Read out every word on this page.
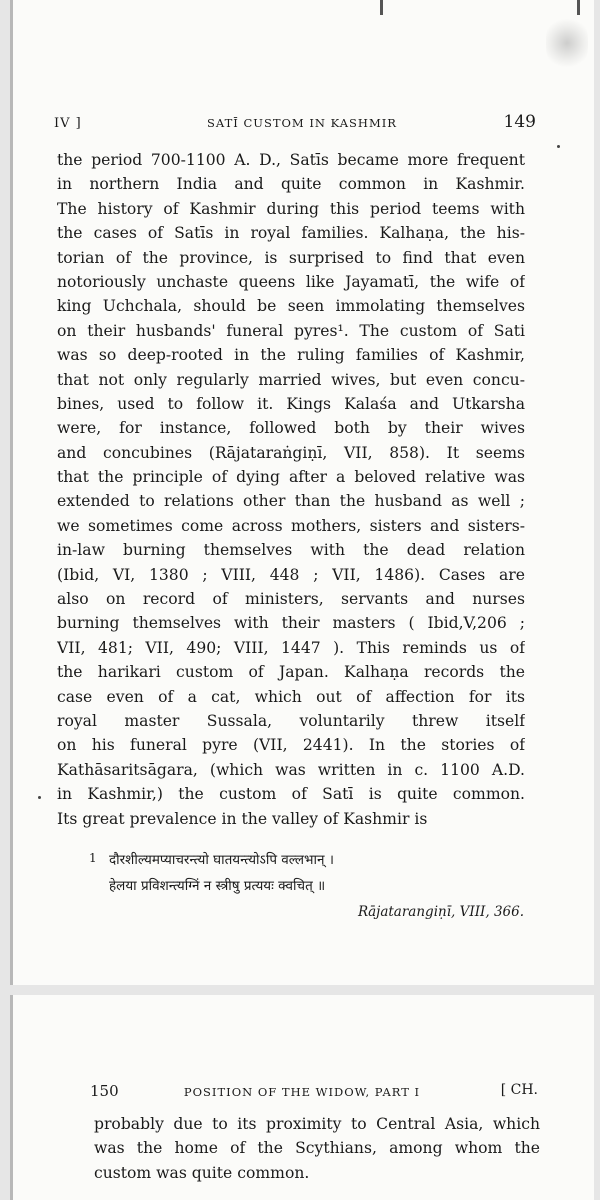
IV ]	SATĪ CUSTOM IN KASHMIR	149
the period 700-1100 A. D., Satīs became more frequent
in northern India and quite common in Kashmir.
The history of Kashmir during this period teems with
the cases of Satīs in royal families. Kalhaṇa, the his-
torian of the province, is surprised to find that even
notoriously unchaste queens like Jayamatī, the wife of
king Uchchala, should be seen immolating themselves
on their husbands' funeral pyres¹. The custom of Sati
was so deep-rooted in the ruling families of Kashmir,
that not only regularly married wives, but even concu-
bines, used to follow it. Kings Kalaśa and Utkarsha
were, for instance, followed both by their wives
and concubines (Rājataraṅgiṇī, VII, 858). It seems
that the principle of dying after a beloved relative was
extended to relations other than the husband as well ;
we sometimes come across mothers, sisters and sisters-
in-law burning themselves with the dead relation
(Ibid, VI, 1380 ; VIII, 448 ; VII, 1486). Cases are
also on record of ministers, servants and nurses
burning themselves with their masters ( Ibid,V,206 ;
VII, 481; VII, 490; VIII, 1447 ). This reminds us of
the harikari custom of Japan. Kalhaṇa records the
case even of a cat, which out of affection for its
royal master Sussala, voluntarily threw itself
on his funeral pyre (VII, 2441). In the stories of
Kathāsaritsāgara, (which was written in c. 1100 A.D.
in Kashmir,) the custom of Satī is quite common.
Its great prevalence in the valley of Kashmir is
1 दौरशील्यमप्याचरन्त्यो घातयन्त्योऽपि वल्लभान् ।
हेलया प्रविशन्त्यग्निं न स्त्रीषु प्रत्ययः क्वचित् ॥
Rājatarangiṇī, VIII, 366.
150	POSITION OF THE WIDOW, PART I	[ CH.
probably due to its proximity to Central Asia, which
was the home of the Scythians, among whom the
custom was quite common.
